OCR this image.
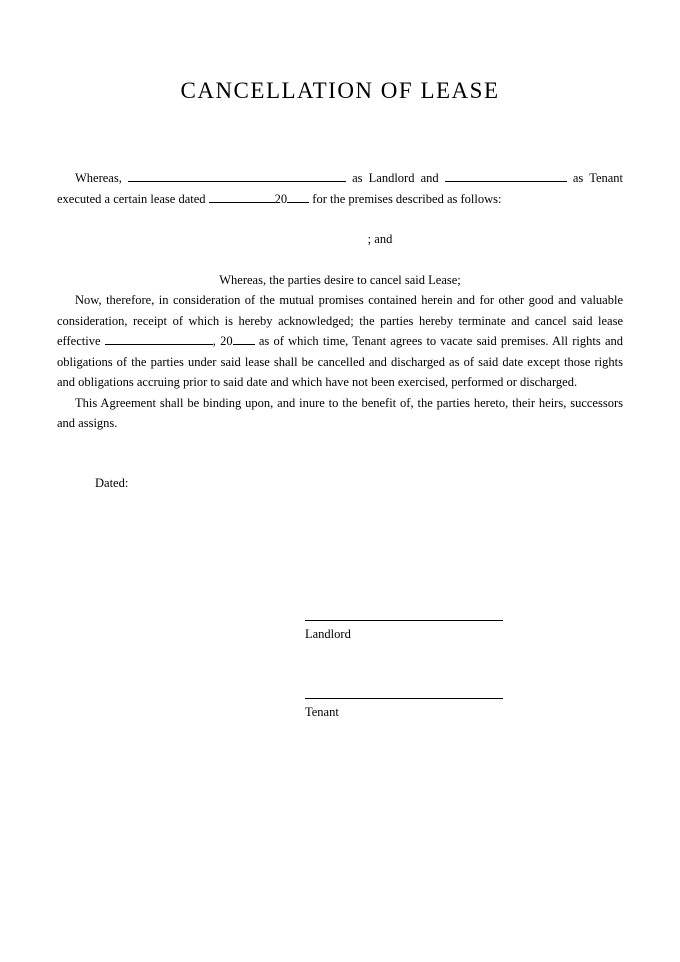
CANCELLATION OF LEASE

Whereas,	as Landlord and	as Tenant executed a certain lease dated	20 for the premises described as follows:

; and
Whereas, the parties desire to cancel said Lease;

Now, therefore, in consideration of the mutual promises contained herein and for other good and valuable consideration, receipt of which is hereby acknowledged; the parties hereby terminate and cancel said lease effective	, 20 as of which time, Tenant agrees to vacate said premises. All rights and obligations of the parties under said lease shall be cancelled and discharged as of said date except those rights and obligations accruing prior to said date and which have not been exercised, performed or discharged.

This Agreement shall be binding upon, and inure to the benefit of, the parties hereto, their heirs, successors and assigns.

Dated:
Landlord
Tenant
